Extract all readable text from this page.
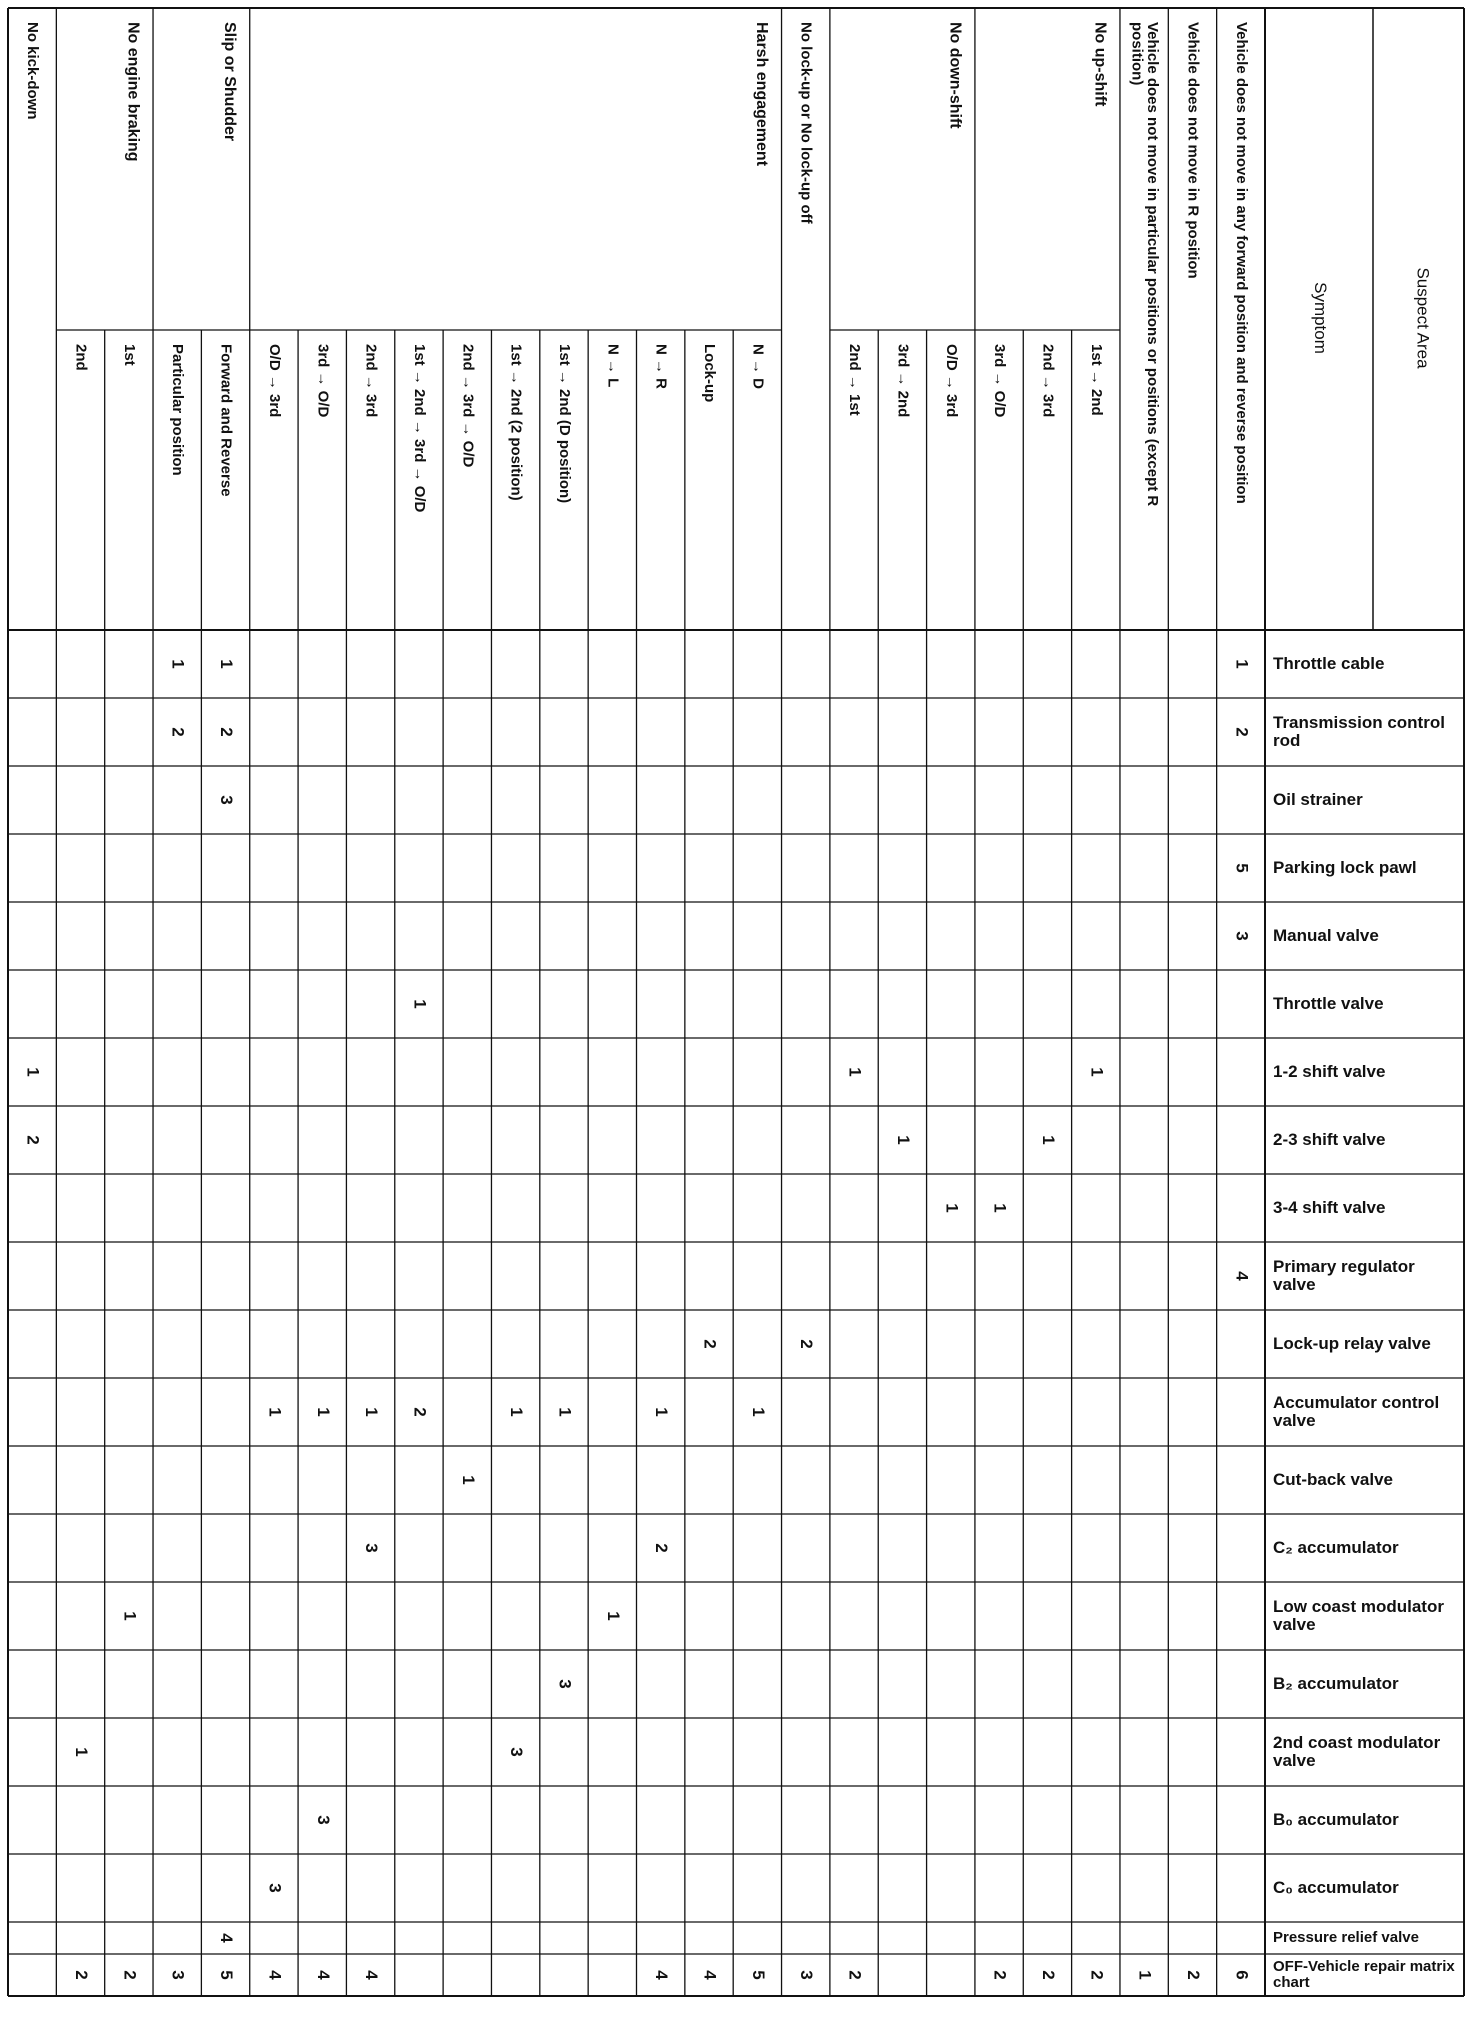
Vehicle does not move in any forward position and reverse position
Vehicle does not move in R position
Vehicle does not move in particular positions or positions (except Rposition)
No up-shift
No down-shift
No lock-up or No lock-up off
Harsh engagement
Slip or Shudder
No engine braking
No kick-down
1st → 2nd
2nd → 3rd
3rd → O/D
O/D → 3rd
3rd → 2nd
2nd → 1st
N → D
Lock-up
N → R
N → L
1st → 2nd (D position)
1st → 2nd (2 position)
2nd → 3rd → O/D
1st → 2nd → 3rd → O/D
2nd → 3rd
3rd → O/D
O/D → 3rd
Forward and Reverse
Particular position
1st
2nd
1
1
1
2
2
2
3
5
3
1
1
1
1
1
1
2
1
1
4
2
2
1
1
1
1
2
1
1
1
1
2
3
1
1
3
3
1
3
3
4
6
2
1
2
2
2
2
3
5
4
4
4
4
4
5
3
2
2
Suspect Area
Symptom
Throttle cable
Transmission control rod
Oil strainer
Parking lock pawl
Manual valve
Throttle valve
1-2 shift valve
2-3 shift valve
3-4 shift valve
Primary regulator valve
Lock-up relay valve
Accumulator control valve
Cut-back valve
C₂ accumulator
Low coast modulator valve
B₂ accumulator
2nd coast modulator valve
B₀ accumulator
C₀ accumulator
Pressure relief valve
OFF-Vehicle repair matrix chart
